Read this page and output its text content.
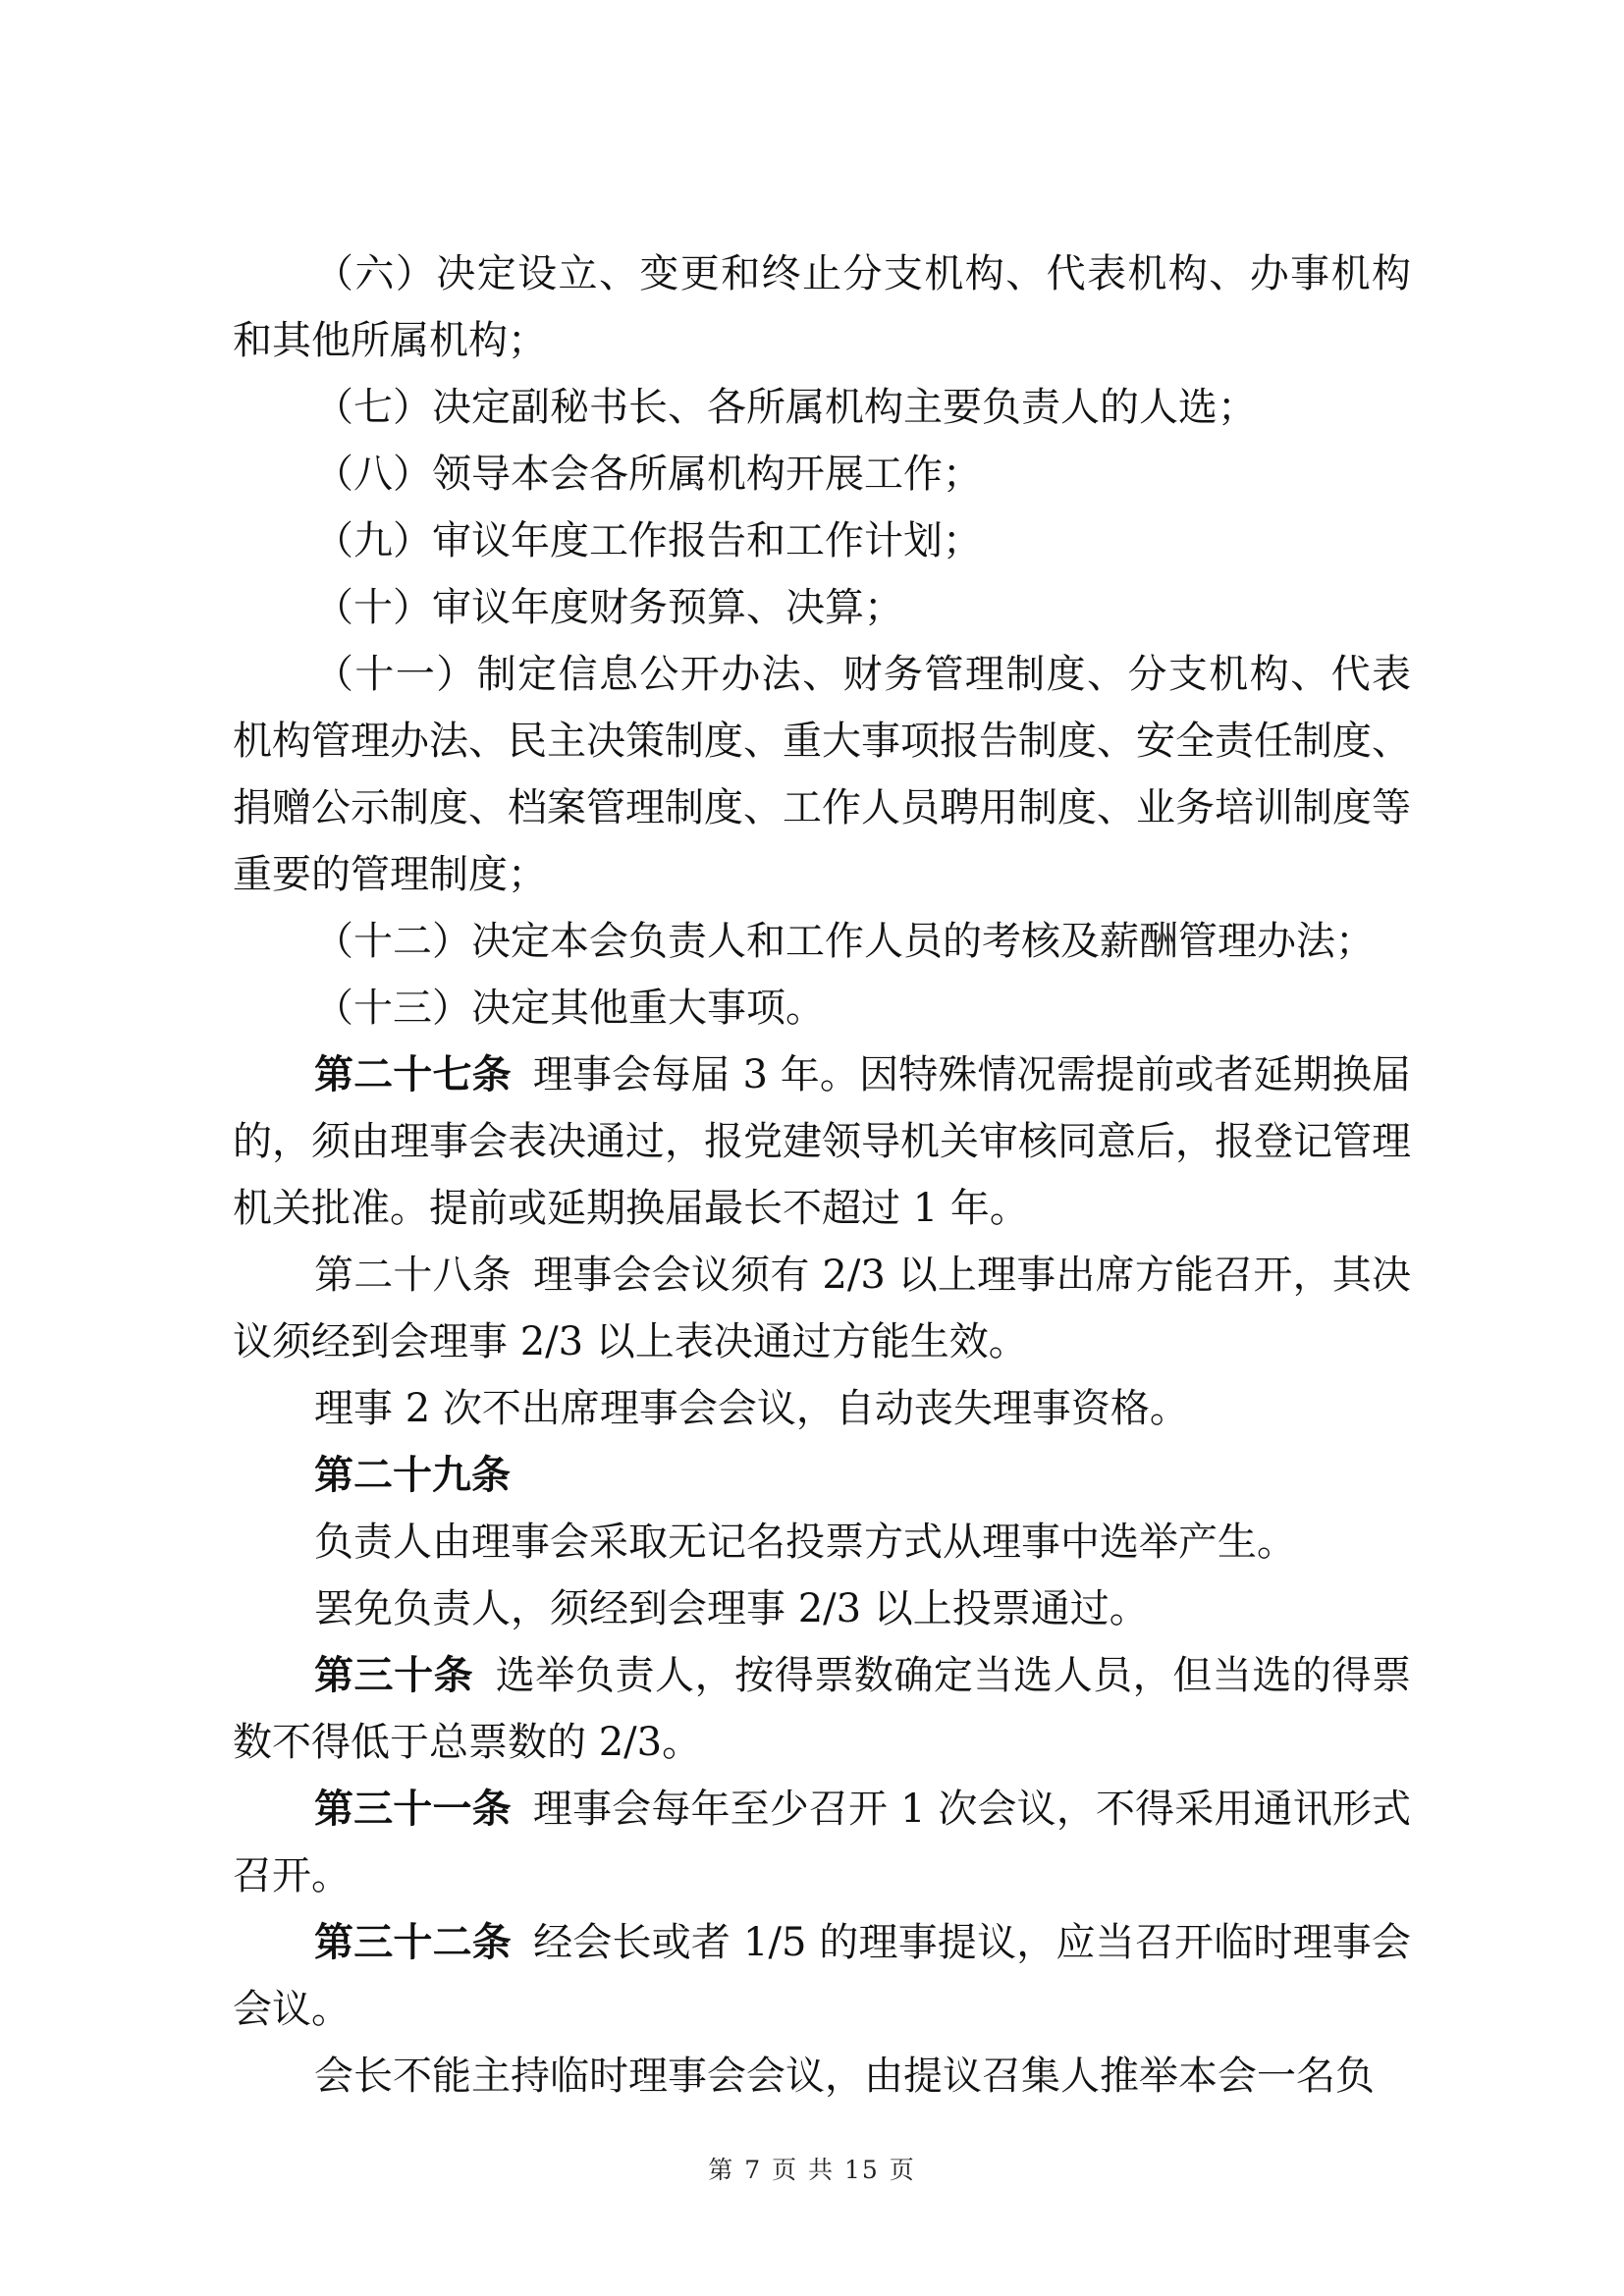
（六）决定设立、变更和终止分支机构、代表机构、办事机构和其他所属机构；

（七）决定副秘书长、各所属机构主要负责人的人选；

（八）领导本会各所属机构开展工作；

（九）审议年度工作报告和工作计划；

（十）审议年度财务预算、决算；

（十一）制定信息公开办法、财务管理制度、分支机构、代表机构管理办法、民主决策制度、重大事项报告制度、安全责任制度、捐赠公示制度、档案管理制度、工作人员聘用制度、业务培训制度等重要的管理制度；

（十二）决定本会负责人和工作人员的考核及薪酬管理办法；

（十三）决定其他重大事项。

第二十七条 理事会每届 3 年。因特殊情况需提前或者延期换届的，须由理事会表决通过，报党建领导机关审核同意后，报登记管理机关批准。提前或延期换届最长不超过 1 年。

第二十八条 理事会会议须有 2/3 以上理事出席方能召开，其决议须经到会理事 2/3 以上表决通过方能生效。

理事 2 次不出席理事会会议，自动丧失理事资格。

第二十九条

负责人由理事会采取无记名投票方式从理事中选举产生。

罢免负责人，须经到会理事 2/3 以上投票通过。

第三十条 选举负责人，按得票数确定当选人员，但当选的得票数不得低于总票数的 2/3。

第三十一条 理事会每年至少召开 1 次会议，不得采用通讯形式召开。

第三十二条 经会长或者 1/5 的理事提议，应当召开临时理事会会议。

会长不能主持临时理事会会议，由提议召集人推举本会一名负

第 7 页 共 15 页
